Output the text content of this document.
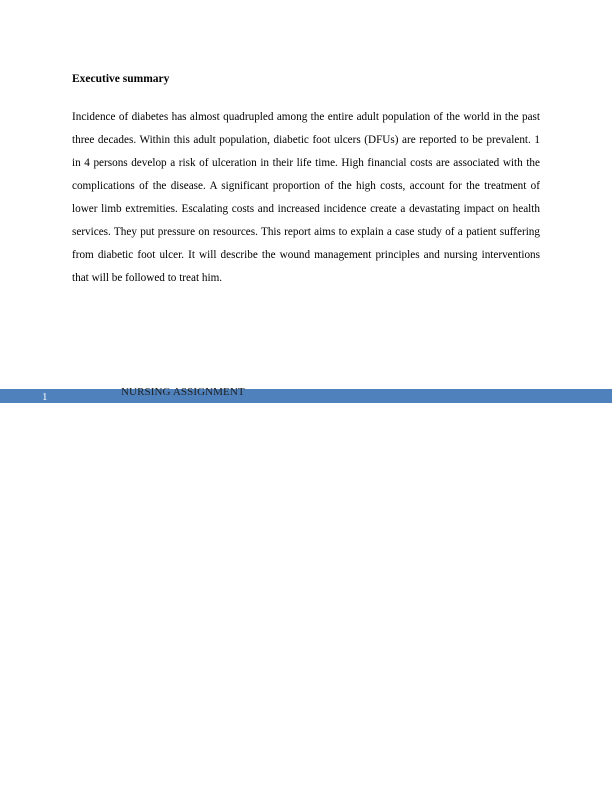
Executive summary

Incidence of diabetes has almost quadrupled among the entire adult population of the world in the past three decades. Within this adult population, diabetic foot ulcers (DFUs) are reported to be prevalent. 1 in 4 persons develop a risk of ulceration in their life time. High financial costs are associated with the complications of the disease. A significant proportion of the high costs, account for the treatment of lower limb extremities. Escalating costs and increased incidence create a devastating impact on health services. They put pressure on resources. This report aims to explain a case study of a patient suffering from diabetic foot ulcer. It will describe the wound management principles and nursing interventions that will be followed to treat him.

1	NURSING ASSIGNMENT
